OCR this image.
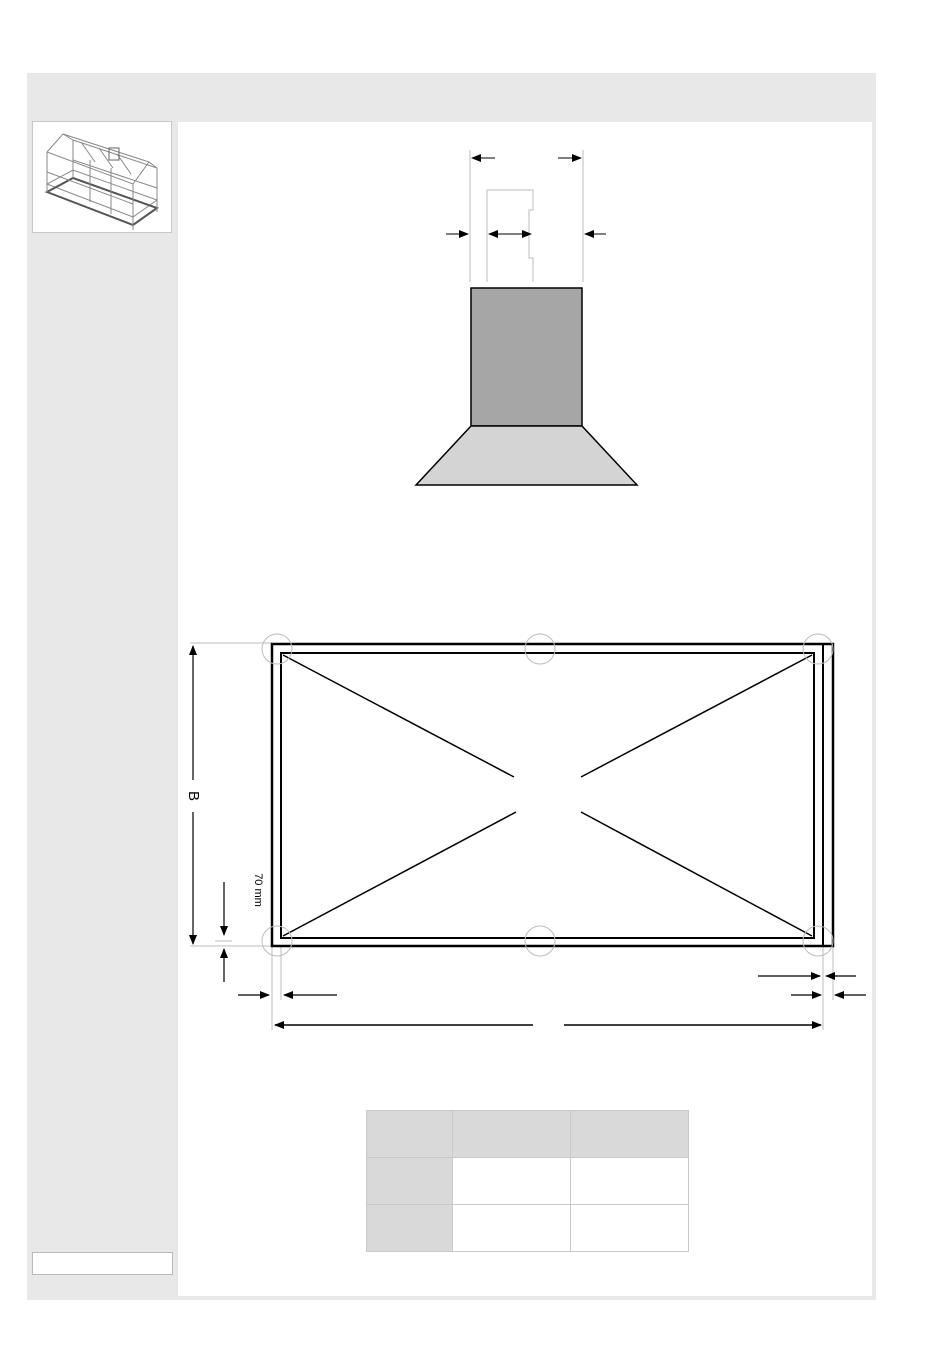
B
70 mm
